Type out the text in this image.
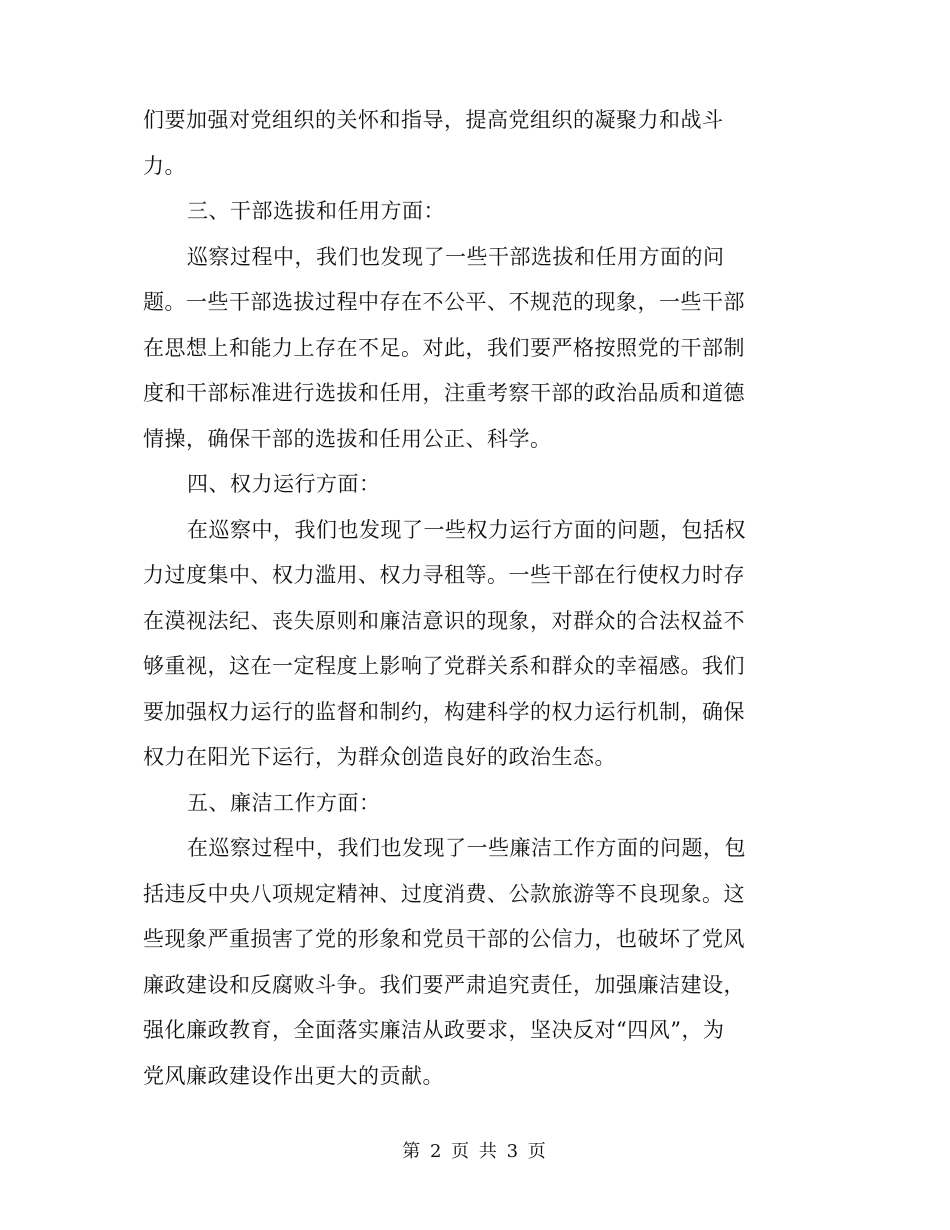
们要加强对党组织的关怀和指导，提高党组织的凝聚力和战斗
力。
三、干部选拔和任用方面：
巡察过程中，我们也发现了一些干部选拔和任用方面的问
题。一些干部选拔过程中存在不公平、不规范的现象，一些干部
在思想上和能力上存在不足。对此，我们要严格按照党的干部制
度和干部标准进行选拔和任用，注重考察干部的政治品质和道德
情操，确保干部的选拔和任用公正、科学。
四、权力运行方面：
在巡察中，我们也发现了一些权力运行方面的问题，包括权
力过度集中、权力滥用、权力寻租等。一些干部在行使权力时存
在漠视法纪、丧失原则和廉洁意识的现象，对群众的合法权益不
够重视，这在一定程度上影响了党群关系和群众的幸福感。我们
要加强权力运行的监督和制约，构建科学的权力运行机制，确保
权力在阳光下运行，为群众创造良好的政治生态。
五、廉洁工作方面：
在巡察过程中，我们也发现了一些廉洁工作方面的问题，包
括违反中央八项规定精神、过度消费、公款旅游等不良现象。这
些现象严重损害了党的形象和党员干部的公信力，也破坏了党风
廉政建设和反腐败斗争。我们要严肃追究责任，加强廉洁建设，
强化廉政教育，全面落实廉洁从政要求，坚决反对“四风”，为
党风廉政建设作出更大的贡献。
第 2 页 共 3 页
